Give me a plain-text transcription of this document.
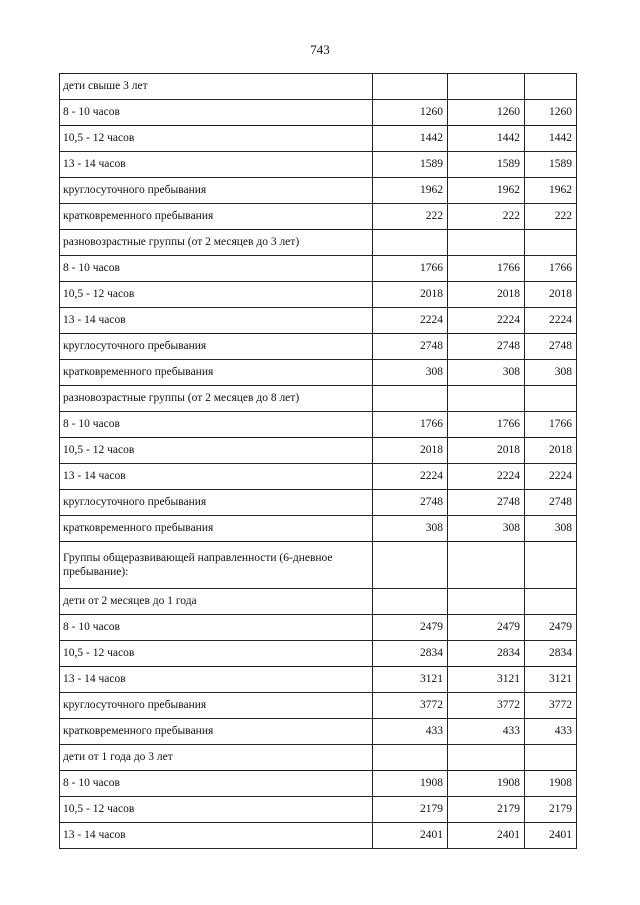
743
дети свыше 3 лет			
8 - 10 часов	1260	1260	1260
10,5 - 12 часов	1442	1442	1442
13 - 14 часов	1589	1589	1589
круглосуточного пребывания	1962	1962	1962
кратковременного пребывания	222	222	222
разновозрастные группы (от 2 месяцев до 3 лет)			
8 - 10 часов	1766	1766	1766
10,5 - 12 часов	2018	2018	2018
13 - 14 часов	2224	2224	2224
круглосуточного пребывания	2748	2748	2748
кратковременного пребывания	308	308	308
разновозрастные группы (от 2 месяцев до 8 лет)			
8 - 10 часов	1766	1766	1766
10,5 - 12 часов	2018	2018	2018
13 - 14 часов	2224	2224	2224
круглосуточного пребывания	2748	2748	2748
кратковременного пребывания	308	308	308
Группы общеразвивающей направленности (6-дневное пребывание):			
дети от 2 месяцев до 1 года			
8 - 10 часов	2479	2479	2479
10,5 - 12 часов	2834	2834	2834
13 - 14 часов	3121	3121	3121
круглосуточного пребывания	3772	3772	3772
кратковременного пребывания	433	433	433
дети от 1 года до 3 лет			
8 - 10 часов	1908	1908	1908
10,5 - 12 часов	2179	2179	2179
13 - 14 часов	2401	2401	2401
